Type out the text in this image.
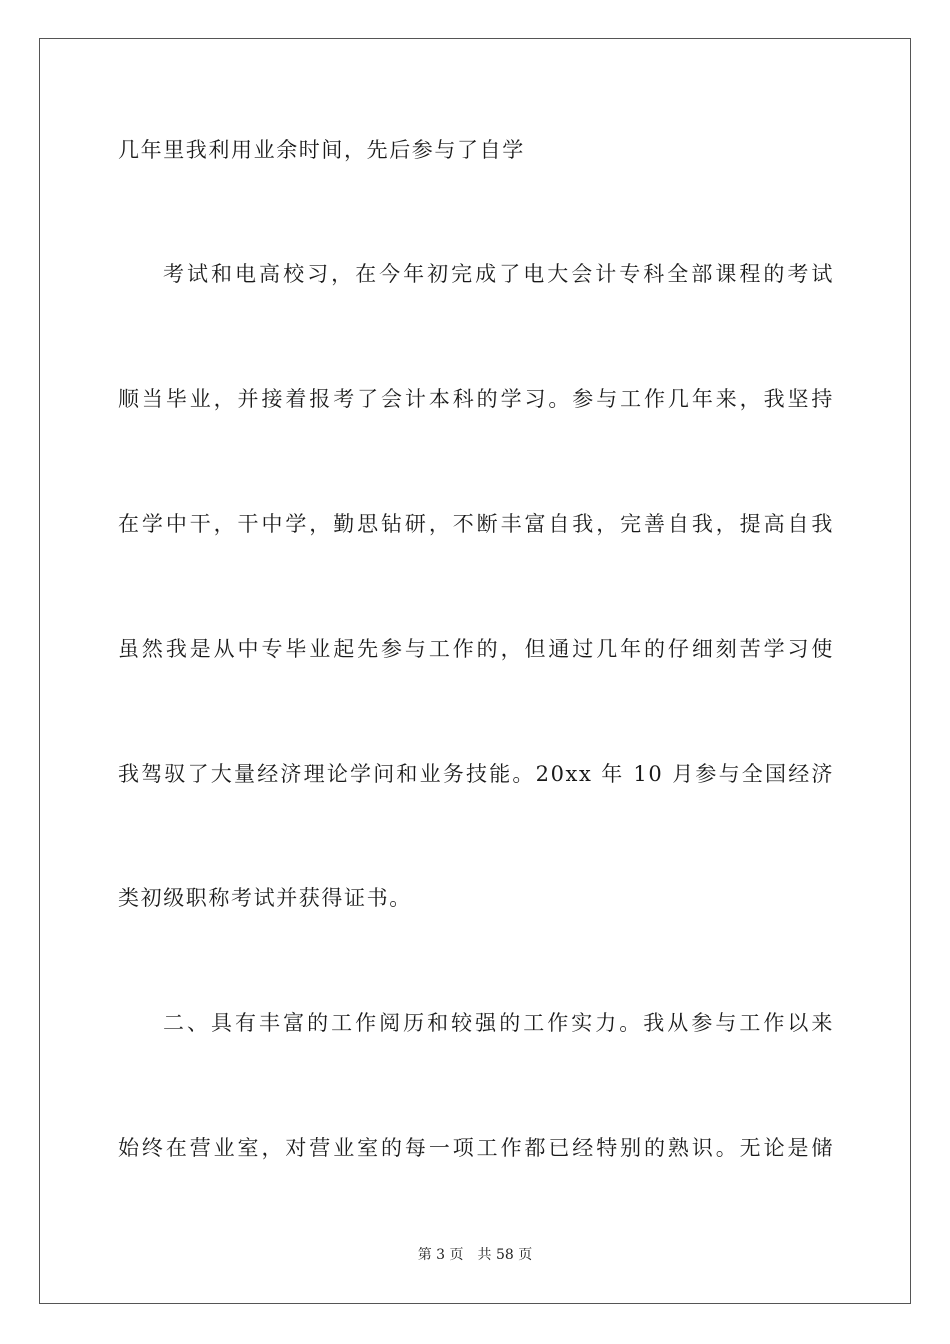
几年里我利用业余时间，先后参与了自学
考试和电高校习，在今年初完成了电大会计专科全部课程的考试
顺当毕业，并接着报考了会计本科的学习。参与工作几年来，我坚持
在学中干，干中学，勤思钻研，不断丰富自我，完善自我，提高自我
虽然我是从中专毕业起先参与工作的，但通过几年的仔细刻苦学习使
我驾驭了大量经济理论学问和业务技能。20xx 年 10 月参与全国经济
类初级职称考试并获得证书。
二、具有丰富的工作阅历和较强的工作实力。我从参与工作以来
始终在营业室，对营业室的每一项工作都已经特别的熟识。无论是储
第 3 页 共 58 页
